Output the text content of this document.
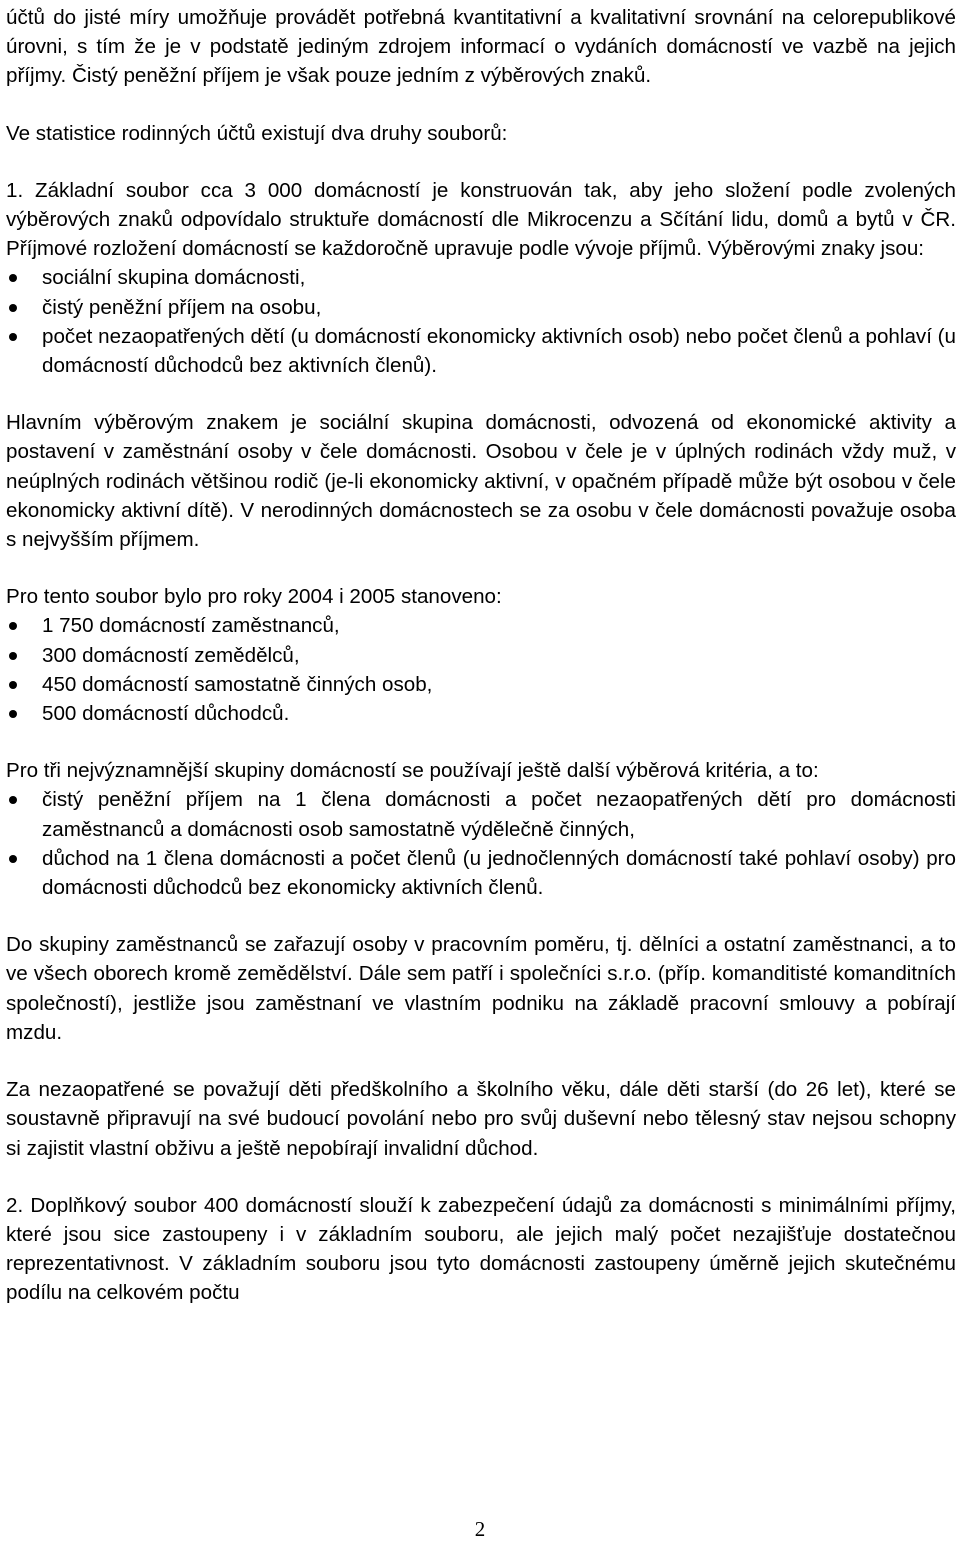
účtů do jisté míry umožňuje provádět potřebná kvantitativní a kvalitativní srovnání na celorepublikové úrovni, s tím že je v podstatě jediným zdrojem informací o vydáních domácností ve vazbě na jejich příjmy. Čistý peněžní příjem je však pouze jedním z výběrových znaků.

Ve statistice rodinných účtů existují dva druhy souborů:

1. Základní soubor cca 3 000 domácností je konstruován tak, aby jeho složení podle zvolených výběrových znaků odpovídalo struktuře domácností dle Mikrocenzu a Sčítání lidu, domů a bytů v ČR. Příjmové rozložení domácností se každoročně upravuje podle vývoje příjmů. Výběrovými znaky jsou:

sociální skupina domácnosti,
čistý peněžní příjem na osobu,
počet nezaopatřených dětí (u domácností ekonomicky aktivních osob) nebo počet členů a pohlaví (u domácností důchodců bez aktivních členů).

Hlavním výběrovým znakem je sociální skupina domácnosti, odvozená od ekonomické aktivity a postavení v zaměstnání osoby v čele domácnosti. Osobou v čele je v úplných rodinách vždy muž, v neúplných rodinách většinou rodič (je-li ekonomicky aktivní, v opačném případě může být osobou v čele ekonomicky aktivní dítě). V nerodinných domácnostech se za osobu v čele domácnosti považuje osoba s nejvyšším příjmem.

Pro tento soubor bylo pro roky 2004 i 2005 stanoveno:

1 750 domácností zaměstnanců,
300 domácností zemědělců,
450 domácností samostatně činných osob,
500 domácností důchodců.

Pro tři nejvýznamnější skupiny domácností se používají ještě další výběrová kritéria, a to:

čistý peněžní příjem na 1 člena domácnosti a počet nezaopatřených dětí pro domácnosti zaměstnanců a domácnosti osob samostatně výdělečně činných,
důchod na 1 člena domácnosti a počet členů (u jednočlenných domácností také pohlaví osoby) pro domácnosti důchodců bez ekonomicky aktivních členů.

Do skupiny zaměstnanců se zařazují osoby v pracovním poměru, tj. dělníci a ostatní zaměstnanci, a to ve všech oborech kromě zemědělství. Dále sem patří i společníci s.r.o. (příp. komanditisté komanditních společností), jestliže jsou zaměstnaní ve vlastním podniku na základě pracovní smlouvy a pobírají mzdu.

Za nezaopatřené se považují děti předškolního a školního věku, dále děti starší (do 26 let), které se soustavně připravují na své budoucí povolání nebo pro svůj duševní nebo tělesný stav nejsou schopny si zajistit vlastní obživu a ještě nepobírají invalidní důchod.

2. Doplňkový soubor 400 domácností slouží k zabezpečení údajů za domácnosti s minimálními příjmy, které jsou sice zastoupeny i v základním souboru, ale jejich malý počet nezajišťuje dostatečnou reprezentativnost. V základním souboru jsou tyto domácnosti zastoupeny úměrně jejich skutečnému podílu na celkovém počtu

2
